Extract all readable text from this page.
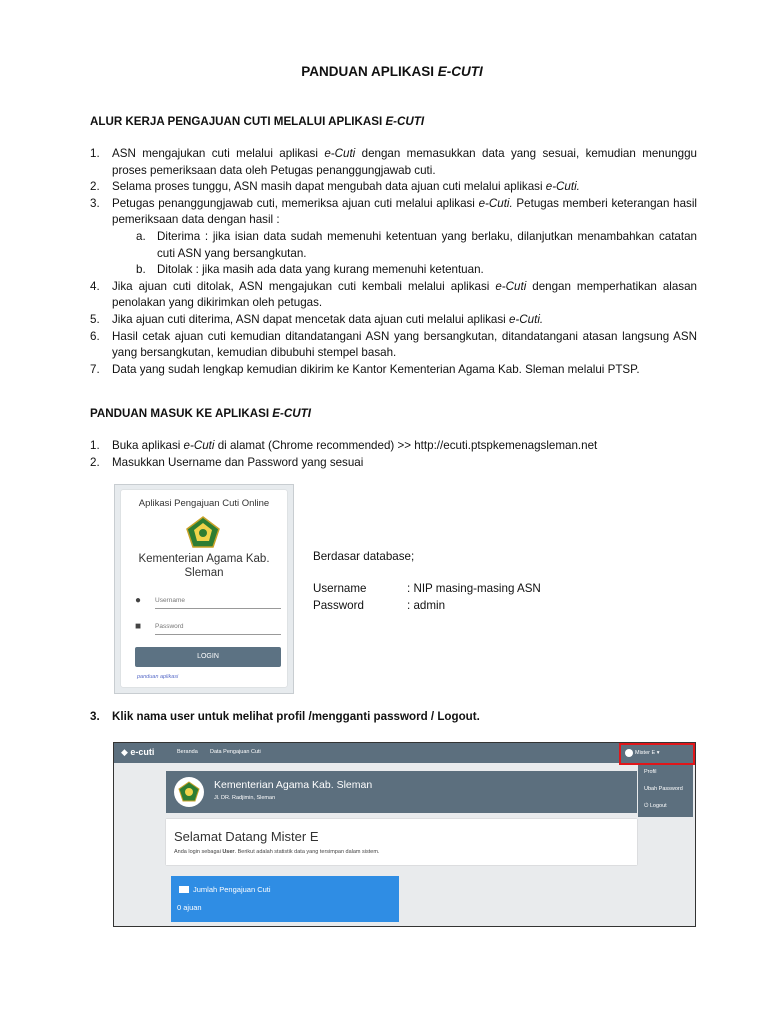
PANDUAN APLIKASI E-CUTI
ALUR KERJA PENGAJUAN CUTI MELALUI APLIKASI E-CUTI
1. ASN mengajukan cuti melalui aplikasi e-Cuti dengan memasukkan data yang sesuai, kemudian menunggu proses pemeriksaan data oleh Petugas penanggungjawab cuti.
2. Selama proses tunggu, ASN masih dapat mengubah data ajuan cuti melalui aplikasi e-Cuti.
3. Petugas penanggungjawab cuti, memeriksa ajuan cuti melalui aplikasi e-Cuti. Petugas memberi keterangan hasil pemeriksaan data dengan hasil :
a. Diterima : jika isian data sudah memenuhi ketentuan yang berlaku, dilanjutkan menambahkan catatan cuti ASN yang bersangkutan.
b. Ditolak : jika masih ada data yang kurang memenuhi ketentuan.
4. Jika ajuan cuti ditolak, ASN mengajukan cuti kembali melalui aplikasi e-Cuti dengan memperhatikan alasan penolakan yang dikirimkan oleh petugas.
5. Jika ajuan cuti diterima, ASN dapat mencetak data ajuan cuti melalui aplikasi e-Cuti.
6. Hasil cetak ajuan cuti kemudian ditandatangani ASN yang bersangkutan, ditandatangani atasan langsung ASN yang bersangkutan, kemudian dibubuhi stempel basah.
7. Data yang sudah lengkap kemudian dikirim ke Kantor Kementerian Agama Kab. Sleman melalui PTSP.
PANDUAN MASUK KE APLIKASI E-CUTI
1. Buka aplikasi e-Cuti di alamat (Chrome recommended) >> http://ecuti.ptspkemenagsleman.net
2. Masukkan Username dan Password yang sesuai
Aplikasi Pengajuan Cuti Online
Kementerian Agama Kab.
Sleman
●	Username
■	Password
LOGIN
panduan aplikasi
Berdasar database;
Username	: NIP masing-masing ASN
Password	: admin
3. Klik nama user untuk melihat profil /mengganti password / Logout.
◆ e-cuti	Beranda Data Pengajuan Cuti	Mister E ▾
Profil
Ubah Password
⏻ Logout
Kementerian Agama Kab. Sleman
Jl. DR. Radjimin, Sleman
Selamat Datang Mister E
Anda login sebagai User. Berikut adalah statistik data yang tersimpan dalam sistem.
Jumlah Pengajuan Cuti
0 ajuan
